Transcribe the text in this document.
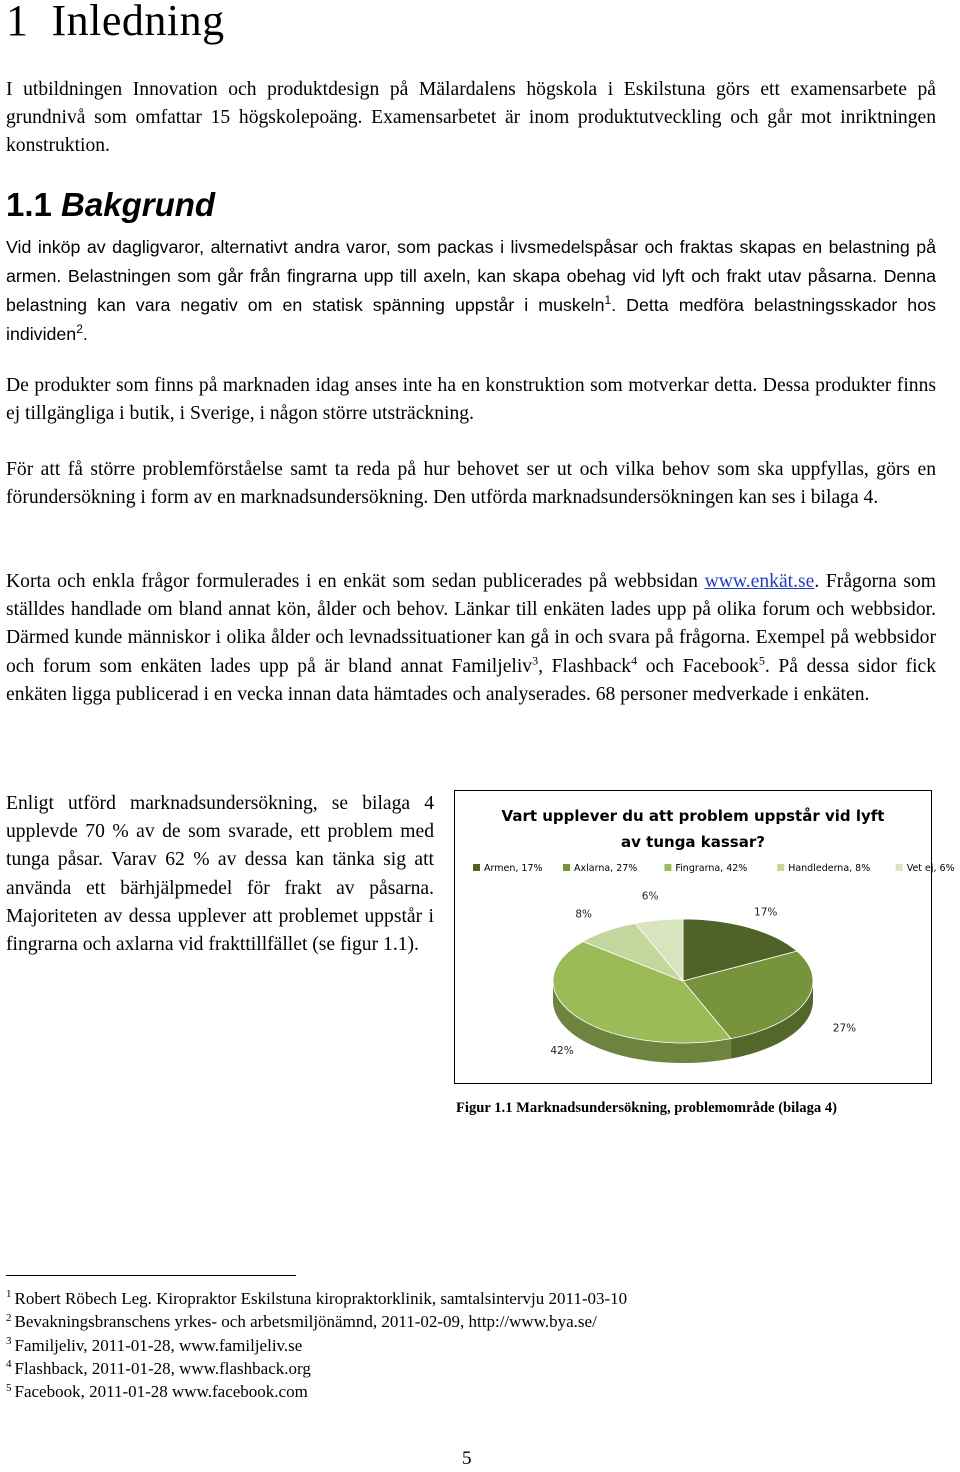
1 Inledning

I utbildningen Innovation och produktdesign på Mälardalens högskola i Eskilstuna görs ett examensarbete på grundnivå som omfattar 15 högskolepoäng. Examensarbetet är inom produktutveckling och går mot inriktningen konstruktion.

1.1 Bakgrund

Vid inköp av dagligvaror, alternativt andra varor, som packas i livsmedelspåsar och fraktas skapas en belastning på armen. Belastningen som går från fingrarna upp till axeln, kan skapa obehag vid lyft och frakt utav påsarna. Denna belastning kan vara negativ om en statisk spänning uppstår i muskeln$^1$. Detta medföra belastningsskador hos individen$^2$.

De produkter som finns på marknaden idag anses inte ha en konstruktion som motverkar detta. Dessa produkter finns ej tillgängliga i butik, i Sverige, i någon större utsträckning.

För att få större problemförståelse samt ta reda på hur behovet ser ut och vilka behov som ska uppfyllas, görs en förundersökning i form av en marknadsundersökning. Den utförda marknadsundersökningen kan ses i bilaga 4.

Korta och enkla frågor formulerades i en enkät som sedan publicerades på webbsidan www.enkät.se. Frågorna som ställdes handlade om bland annat kön, ålder och behov. Länkar till enkäten lades upp på olika forum och webbsidor. Därmed kunde människor i olika ålder och levnadssituationer kan gå in och svara på frågorna. Exempel på webbsidor och forum som enkäten lades upp på är bland annat Familjeliv$^3$, Flashback$^4$ och Facebook$^5$. På dessa sidor fick enkäten ligga publicerad i en vecka innan data hämtades och analyserades. 68 personer medverkade i enkäten.

Enligt utförd marknadsundersökning, se bilaga 4 upplevde 70 % av de som svarade, ett problem med tunga påsar. Varav 62 % av dessa kan tänka sig att använda ett bärhjälpmedel för frakt av påsarna. Majoriteten av dessa upplever att problemet uppstår i fingrarna och axlarna vid frakttillfället (se figur 1.1).

Vart upplever du att problem uppstår vid lyft
av tunga kassar?
Armen, 17%	Axlarna, 27%	Fingrarna, 42%	Handlederna, 8%	Vet ej, 6%
17%
27%
42%
8%
6%

Figur 1.1 Marknadsundersökning, problemområde (bilaga 4)

$^1$ Robert Röbech Leg. Kiropraktor Eskilstuna kiropraktorklinik, samtalsintervju 2011-03-10
$^2$ Bevakningsbranschens yrkes- och arbetsmiljönämnd, 2011-02-09, http://www.bya.se/
$^3$ Familjeliv, 2011-01-28, www.familjeliv.se
$^4$ Flashback, 2011-01-28, www.flashback.org
$^5$ Facebook, 2011-01-28 www.facebook.com
5
